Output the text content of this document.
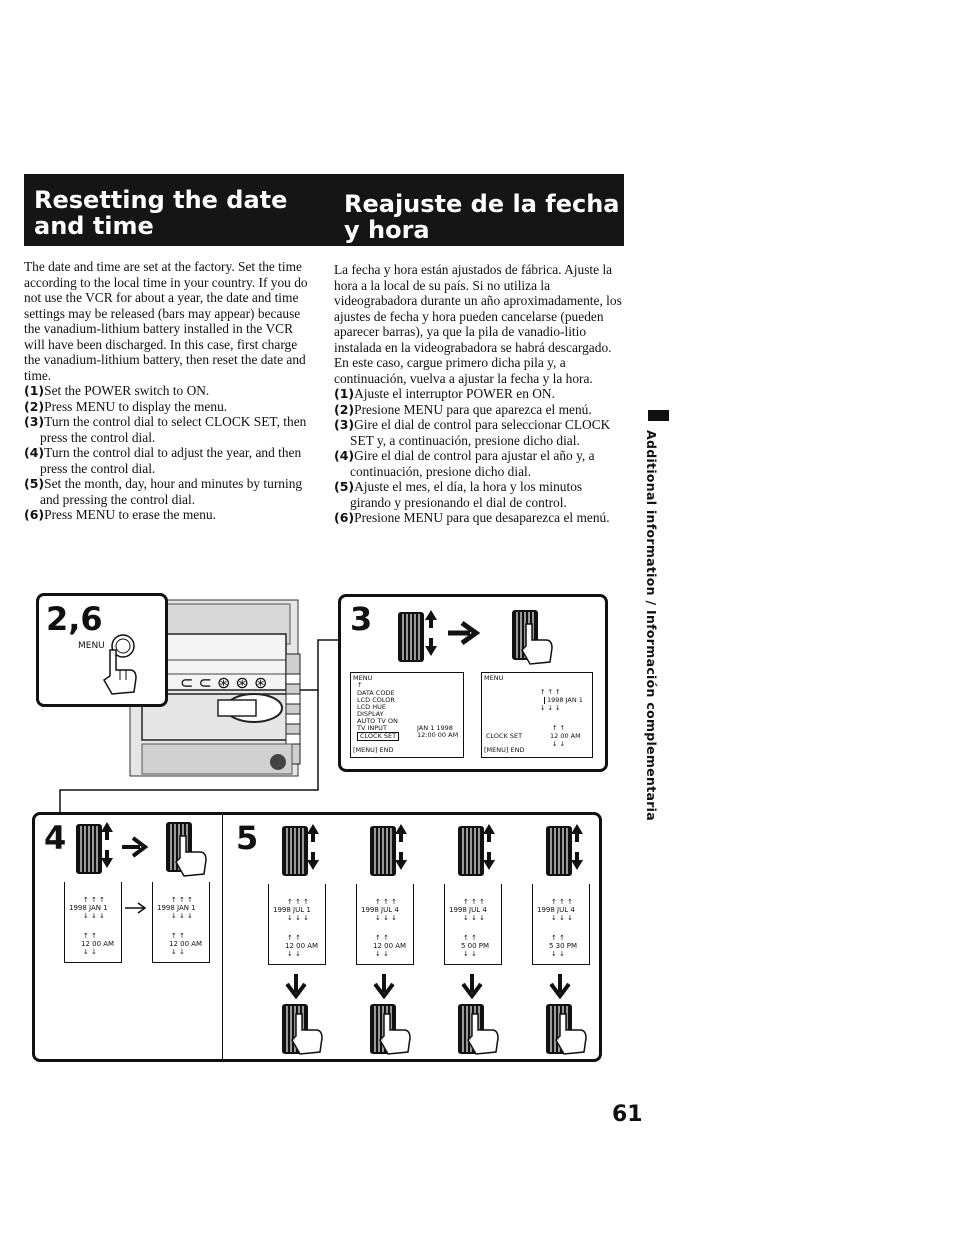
Resetting the date
and time
Reajuste de la fecha
y hora

The date and time are set at the factory. Set the time according to the local time in your country. If you do not use the VCR for about a year, the date and time settings may be released (bars may appear) because the vanadium-lithium battery installed in the VCR will have been discharged. In this case, first charge the vanadium-lithium battery, then reset the date and time.

(1)Set the POWER switch to ON.
(2)Press MENU to display the menu.
(3)Turn the control dial to select CLOCK SET, then press the control dial.
(4)Turn the control dial to adjust the year, and then press the control dial.
(5)Set the month, day, hour and minutes by turning and pressing the control dial.
(6)Press MENU to erase the menu.

La fecha y hora están ajustados de fábrica. Ajuste la hora a la local de su país. Si no utiliza la videograbadora durante un año aproximadamente, los ajustes de fecha y hora pueden cancelarse (pueden aparecer barras), ya que la pila de vanadio-litio instalada en la videograbadora se habrá descargado. En este caso, cargue primero dicha pila y, a continuación, vuelva a ajustar la fecha y la hora.

(1)Ajuste el interruptor POWER en ON.
(2)Presione MENU para que aparezca el menú.
(3)Gire el dial de control para seleccionar CLOCK SET y, a continuación, presione dicho dial.
(4)Gire el dial de control para ajustar el año y, a continuación, presione dicho dial.
(5)Ajuste el mes, el día, la hora y los minutos girando y presionando el dial de control.
(6)Presione MENU para que desaparezca el menú.	Additional information / Información complementaria
61
⊂ ⊂ ⊛ ⊛ ⊛
2,6
MENU
3
MENU
↑
DATA CODE
LCD COLOR
LCD HUE
DISPLAY
AUTO TV ON
TV INPUT
CLOCK SET
JAN 1 1998
12:00 00 AM
[MENU] END
MENU
↑ ↑ ↑
1998 JAN 1
↓ ↓ ↓
↑ ↑
CLOCK SET	12 00 AM
↓ ↓
[MENU] END
4
↑ ↑ ↑
1998 JAN 1
↓ ↓ ↓
↑ ↑
12 00 AM
↓ ↓
↑ ↑ ↑
1998 JAN 1
↓ ↓ ↓
↑ ↑
12 00 AM
↓ ↓
5
↑ ↑ ↑
1998 JUL 1
↓ ↓ ↓
↑ ↑
12 00 AM
↓ ↓
↑ ↑ ↑
1998 JUL 4
↓ ↓ ↓
↑ ↑
12 00 AM
↓ ↓
↑ ↑ ↑
1998 JUL 4
↓ ↓ ↓
↑ ↑
5 00 PM
↓ ↓
↑ ↑ ↑
1998 JUL 4
↓ ↓ ↓
↑ ↑
5 30 PM
↓ ↓
